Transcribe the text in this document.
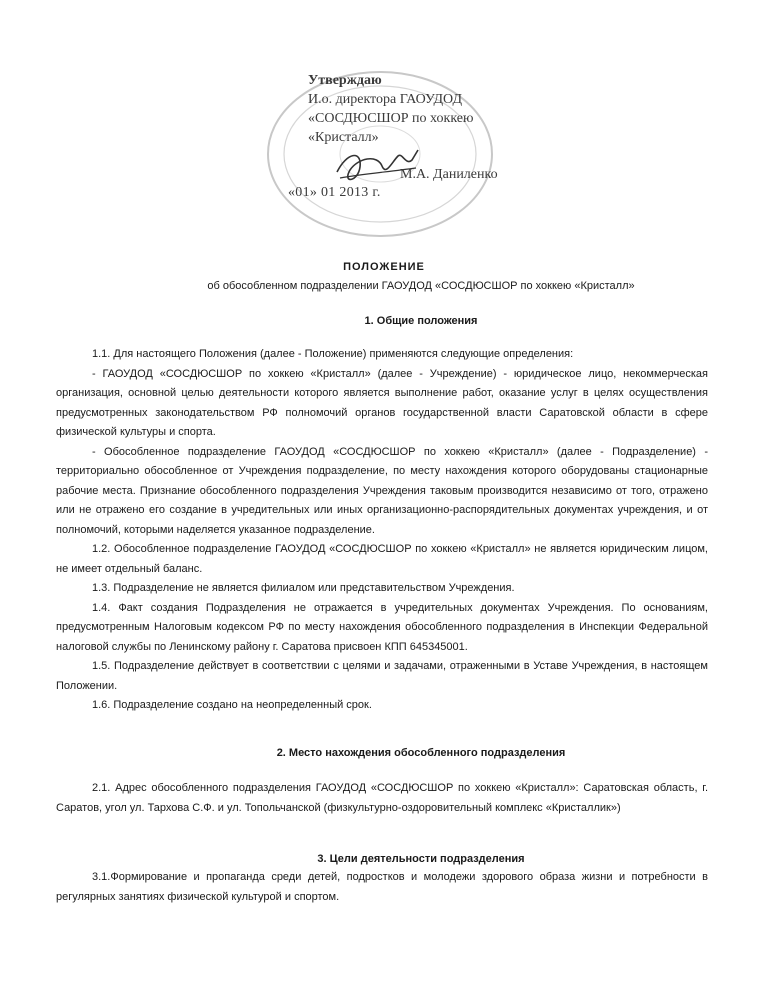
Утверждаю
И.о. директора ГАОУДОД
«СОСДЮСШОР по хоккею
«Кристалл»
М.А. Даниленко
«01» 01 2013 г.
ПОЛОЖЕНИЕ
об обособленном подразделении ГАОУДОД «СОСДЮСШОР по хоккею «Кристалл»
1. Общие положения

1.1. Для настоящего Положения (далее - Положение) применяются следующие определения:

- ГАОУДОД «СОСДЮСШОР по хоккею «Кристалл» (далее - Учреждение) - юридическое лицо, некоммерческая организация, основной целью деятельности которого является выполнение работ, оказание услуг в целях осуществления предусмотренных законодательством РФ полномочий органов государственной власти Саратовской области в сфере физической культуры и спорта.

- Обособленное подразделение ГАОУДОД «СОСДЮСШОР по хоккею «Кристалл» (далее - Подразделение) - территориально обособленное от Учреждения подразделение, по месту нахождения которого оборудованы стационарные рабочие места. Признание обособленного подразделения Учреждения таковым производится независимо от того, отражено или не отражено его создание в учредительных или иных организационно-распорядительных документах учреждения, и от полномочий, которыми наделяется указанное подразделение.

1.2. Обособленное подразделение ГАОУДОД «СОСДЮСШОР по хоккею «Кристалл» не является юридическим лицом, не имеет отдельный баланс.

1.3. Подразделение не является филиалом или представительством Учреждения.

1.4. Факт создания Подразделения не отражается в учредительных документах Учреждения. По основаниям, предусмотренным Налоговым кодексом РФ по месту нахождения обособленного подразделения в Инспекции Федеральной налоговой службы по Ленинскому району г. Саратова присвоен КПП 645345001.

1.5. Подразделение действует в соответствии с целями и задачами, отраженными в Уставе Учреждения, в настоящем Положении.

1.6. Подразделение создано на неопределенный срок.

2. Место нахождения обособленного подразделения

2.1. Адрес обособленного подразделения ГАОУДОД «СОСДЮСШОР по хоккею «Кристалл»: Саратовская область, г. Саратов, угол ул. Тархова С.Ф. и ул. Топольчанской (физкультурно-оздоровительный комплекс «Кристаллик»)

3. Цели деятельности подразделения

3.1.Формирование и пропаганда среди детей, подростков и молодежи здорового образа жизни и потребности в регулярных занятиях физической культурой и спортом.
